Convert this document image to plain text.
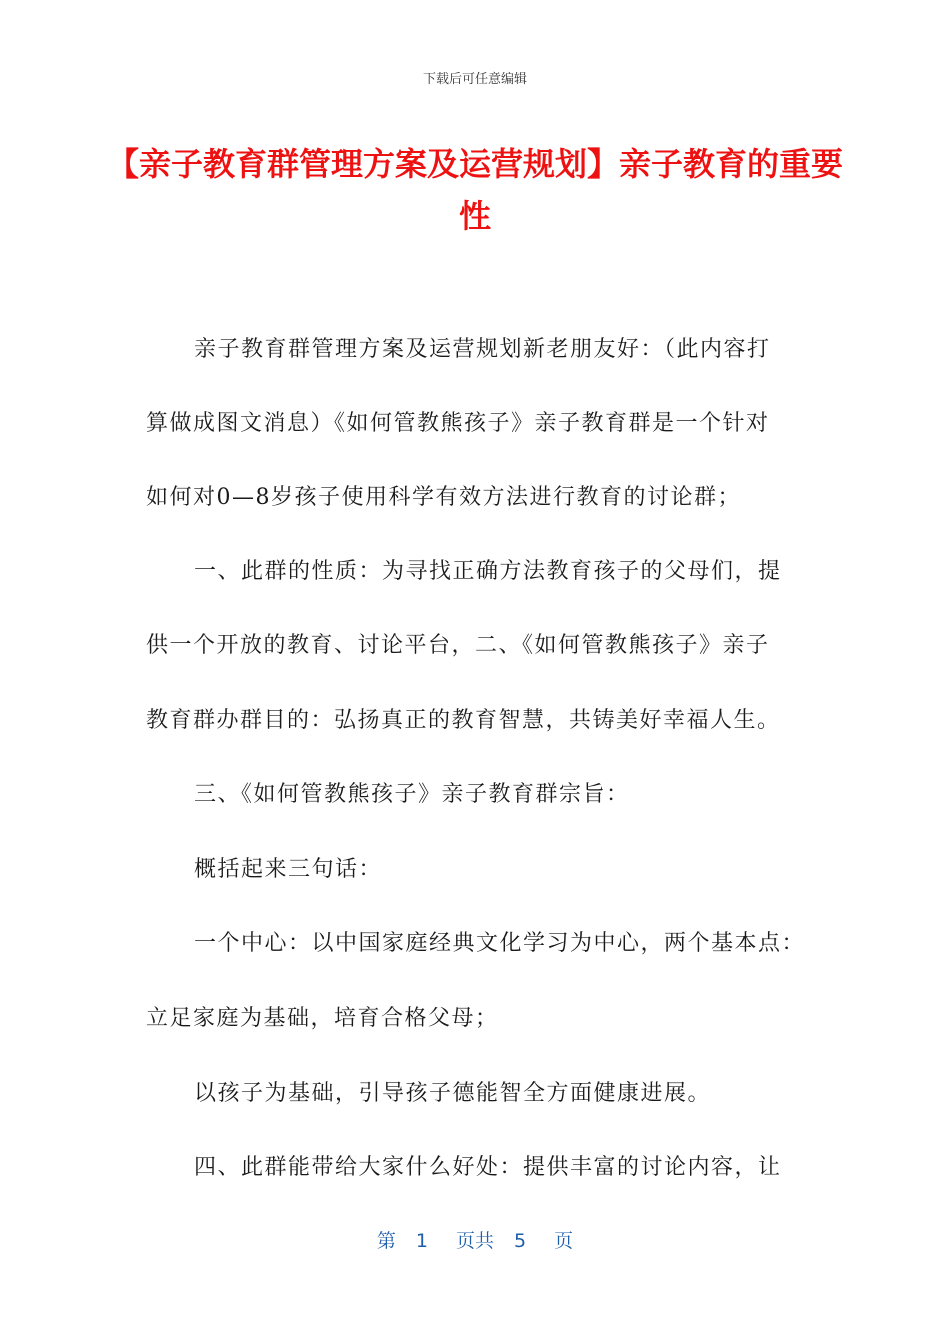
下载后可任意编辑
【亲子教育群管理方案及运营规划】亲子教育的重要性
亲子教育群管理方案及运营规划新老朋友好：（此内容打
算做成图文消息）《如何管教熊孩子》亲子教育群是一个针对
如何对0—8岁孩子使用科学有效方法进行教育的讨论群；
一、此群的性质：为寻找正确方法教育孩子的父母们，提
供一个开放的教育、讨论平台，二、《如何管教熊孩子》亲子
教育群办群目的：弘扬真正的教育智慧，共铸美好幸福人生。
三、《如何管教熊孩子》亲子教育群宗旨：
概括起来三句话：
一个中心：以中国家庭经典文化学习为中心，两个基本点：
立足家庭为基础，培育合格父母；
以孩子为基础，引导孩子德能智全方面健康进展。
四、此群能带给大家什么好处：提供丰富的讨论内容，让
第 1 页共 5 页
